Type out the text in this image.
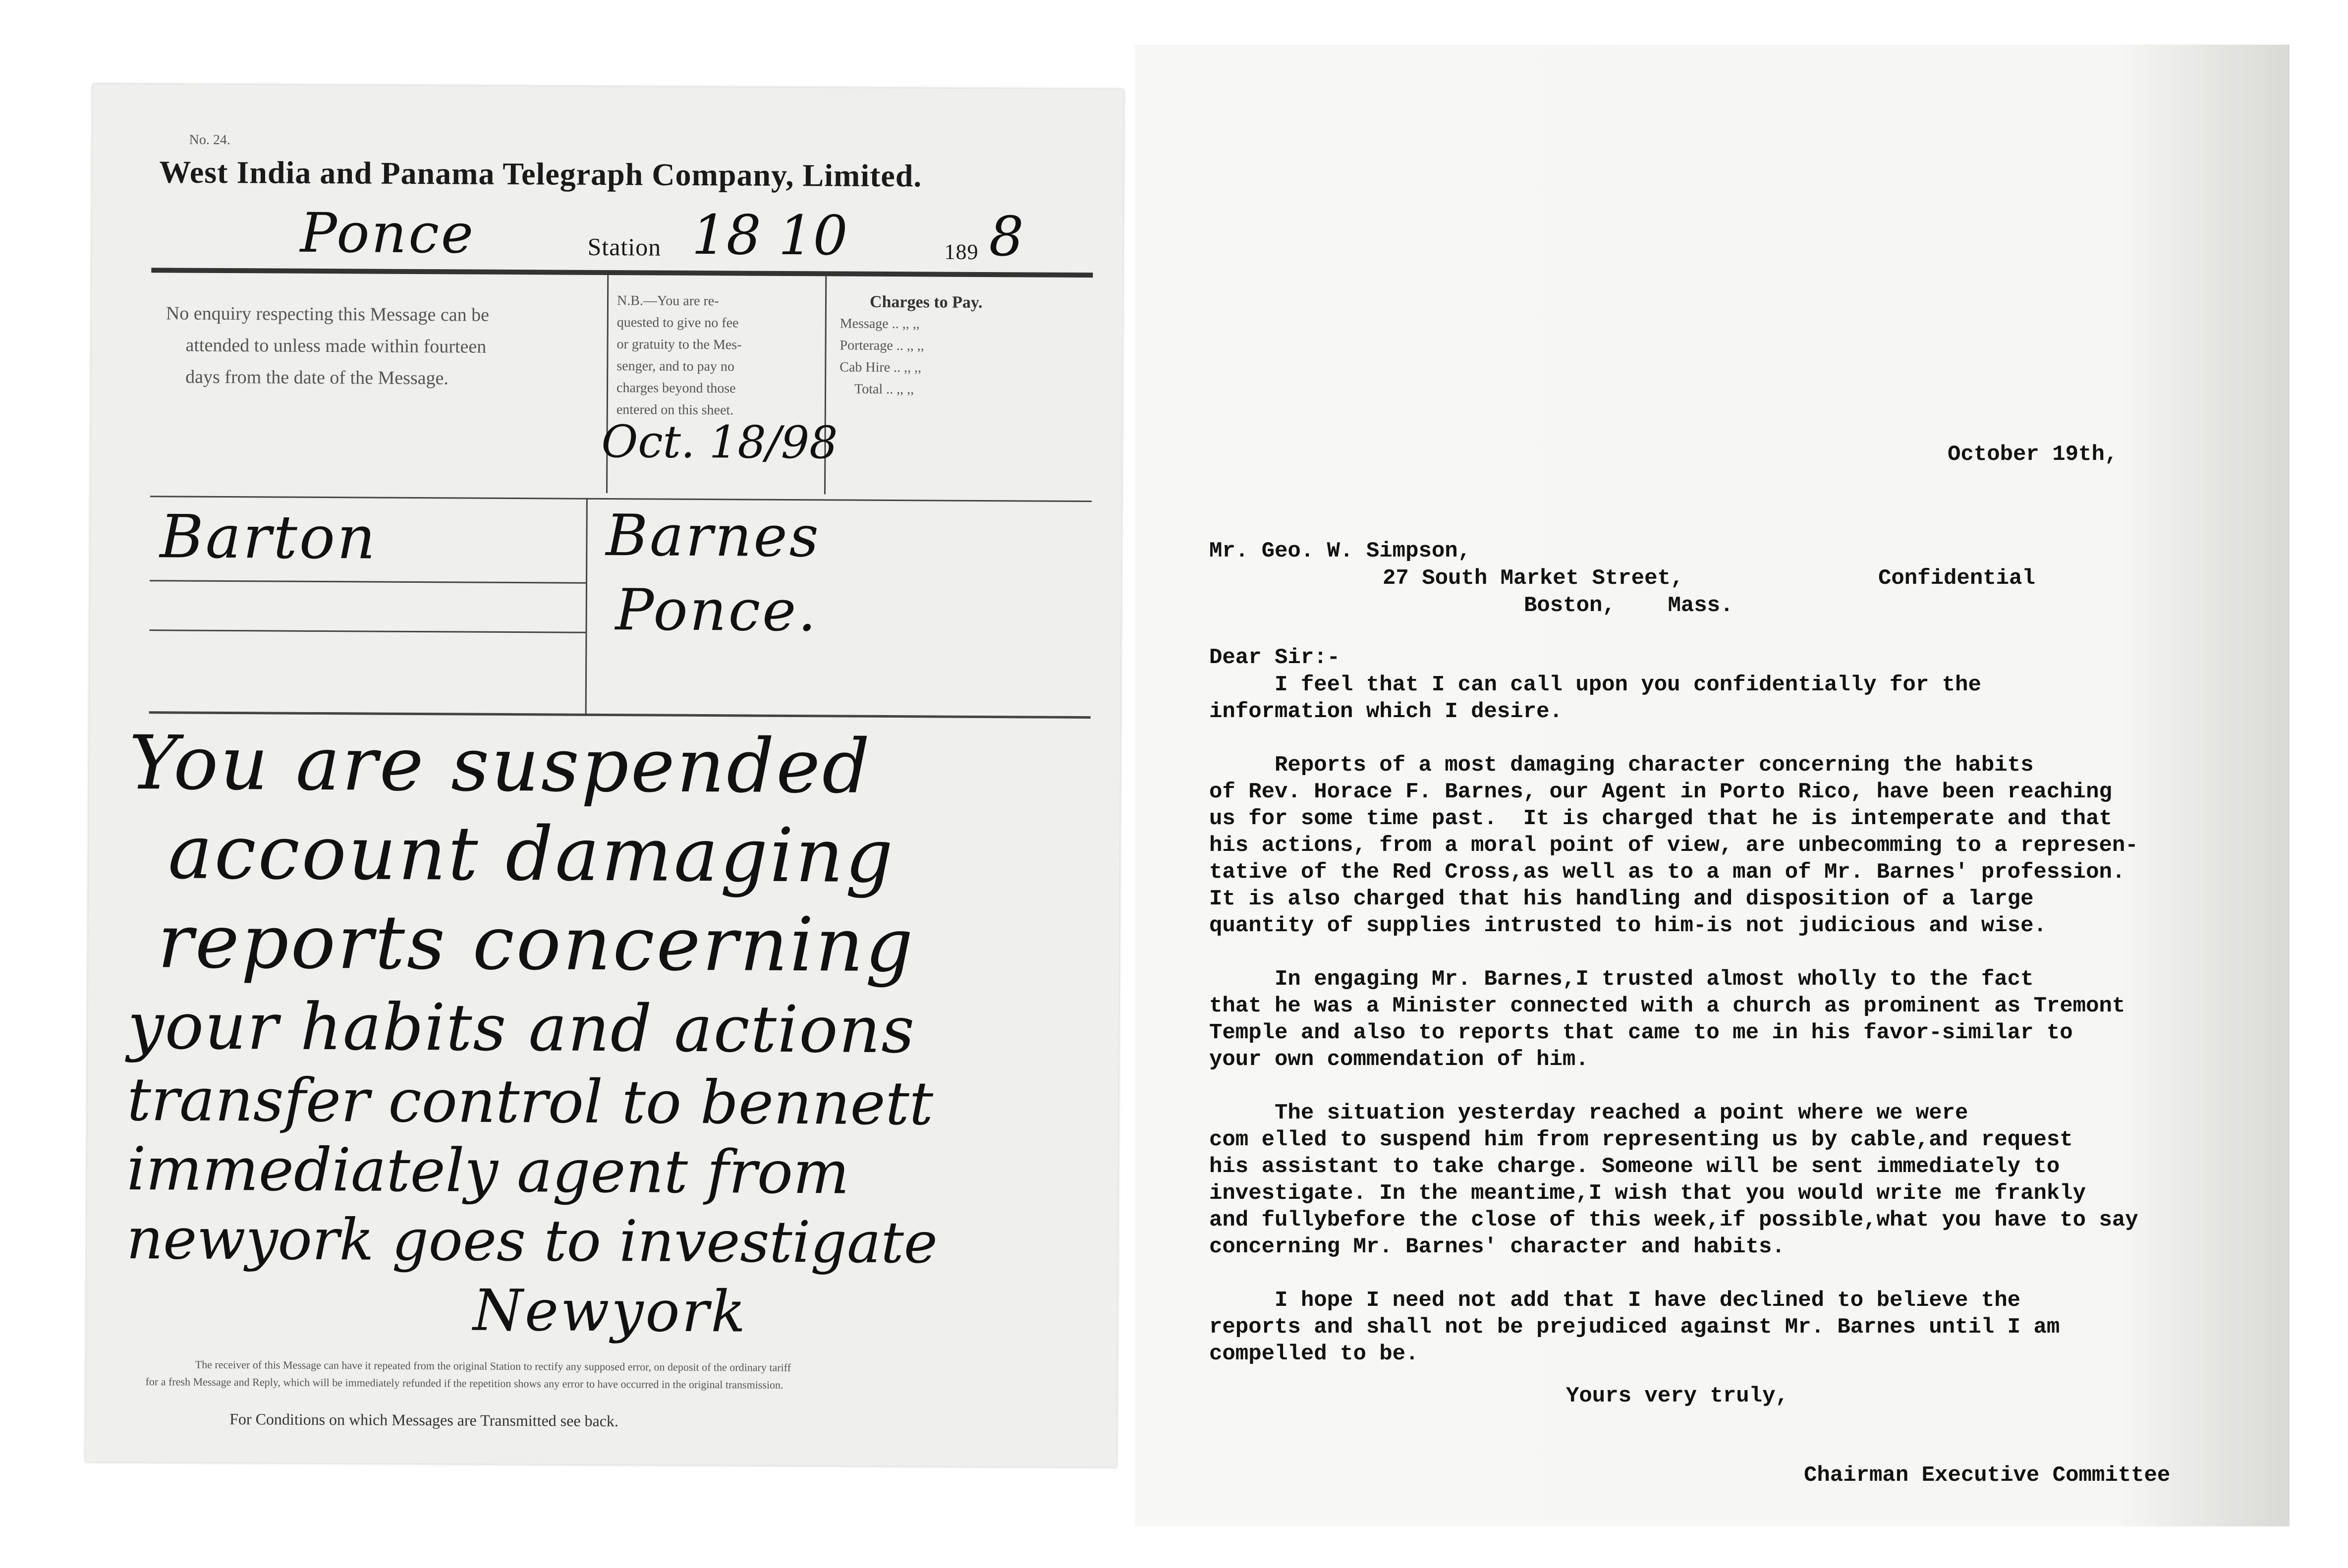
No. 24.
West India and Panama Telegraph Company, Limited.
Ponce	Station 18 10	189 8
No enquiry respecting this Message can be
attended to unless made within fourteen
days from the date of the Message.
N.B.—You are re-
quested to give no fee
or gratuity to the Mes-
senger, and to pay no
charges beyond those
entered on this sheet.
Charges to Pay.
Message .. ,, ,,
Porterage .. ,, ,,
Cab Hire .. ,, ,,
Total .. ,, ,,
Oct. 18/98
Barton	Barnes
Ponce.
You are suspended
account damaging
reports concerning
your habits and actions
transfer control to bennett
immediately agent from
newyork goes to investigate
Newyork
The receiver of this Message can have it repeated from the original Station to rectify any supposed error, on deposit of the ordinary tariff
for a fresh Message and Reply, which will be immediately refunded if the repetition shows any error to have occurred in the original transmission.
For Conditions on which Messages are Transmitted see back.
October 19th,
Mr. Geo. W. Simpson,
27 South Market Street,	Confidential
Boston,    Mass.
Dear Sir:-
I feel that I can call upon you confidentially for the
information which I desire.
Reports of a most damaging character concerning the habits
of Rev. Horace F. Barnes, our Agent in Porto Rico, have been reaching
us for some time past.  It is charged that he is intemperate and that
his actions, from a moral point of view, are unbecomming to a represen-
tative of the Red Cross,as well as to a man of Mr. Barnes' profession.
It is also charged that his handling and disposition of a large
quantity of supplies intrusted to him-is not judicious and wise.
In engaging Mr. Barnes,I trusted almost wholly to the fact
that he was a Minister connected with a church as prominent as Tremont
Temple and also to reports that came to me in his favor-similar to
your own commendation of him.
The situation yesterday reached a point where we were
com elled to suspend him from representing us by cable,and request
his assistant to take charge. Someone will be sent immediately to
investigate. In the meantime,I wish that you would write me frankly
and fullybefore the close of this week,if possible,what you have to say
concerning Mr. Barnes' character and habits.
I hope I need not add that I have declined to believe the
reports and shall not be prejudiced against Mr. Barnes until I am
compelled to be.
Yours very truly,
Chairman Executive Committee
